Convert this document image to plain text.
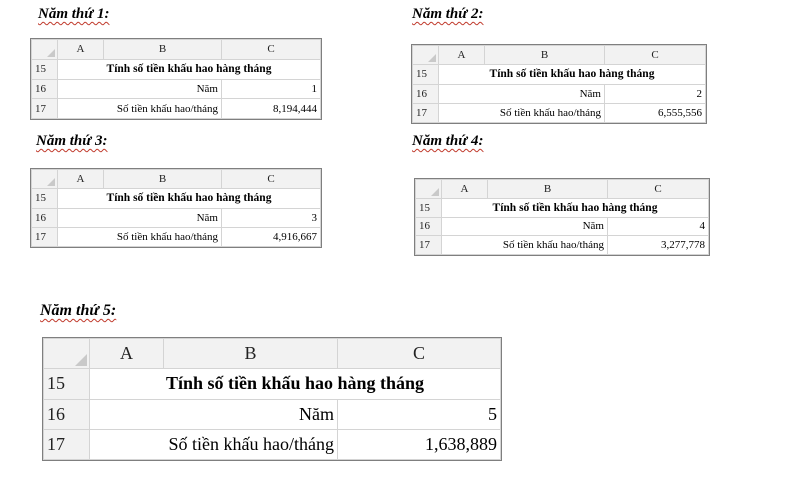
Năm thứ 1:
	A	B	C
15	Tính số tiền khấu hao hàng tháng		
16	Năm		1
17	Số tiền khấu hao/tháng		8,194,444
Năm thứ 2:
	A	B	C
15	Tính số tiền khấu hao hàng tháng		
16	Năm		2
17	Số tiền khấu hao/tháng		6,555,556
Năm thứ 3:
	A	B	C
15	Tính số tiền khấu hao hàng tháng		
16	Năm		3
17	Số tiền khấu hao/tháng		4,916,667
Năm thứ 4:
	A	B	C
15	Tính số tiền khấu hao hàng tháng		
16	Năm		4
17	Số tiền khấu hao/tháng		3,277,778
Năm thứ 5:
	A	B	C
15	Tính số tiền khấu hao hàng tháng		
16	Năm		5
17	Số tiền khấu hao/tháng		1,638,889
